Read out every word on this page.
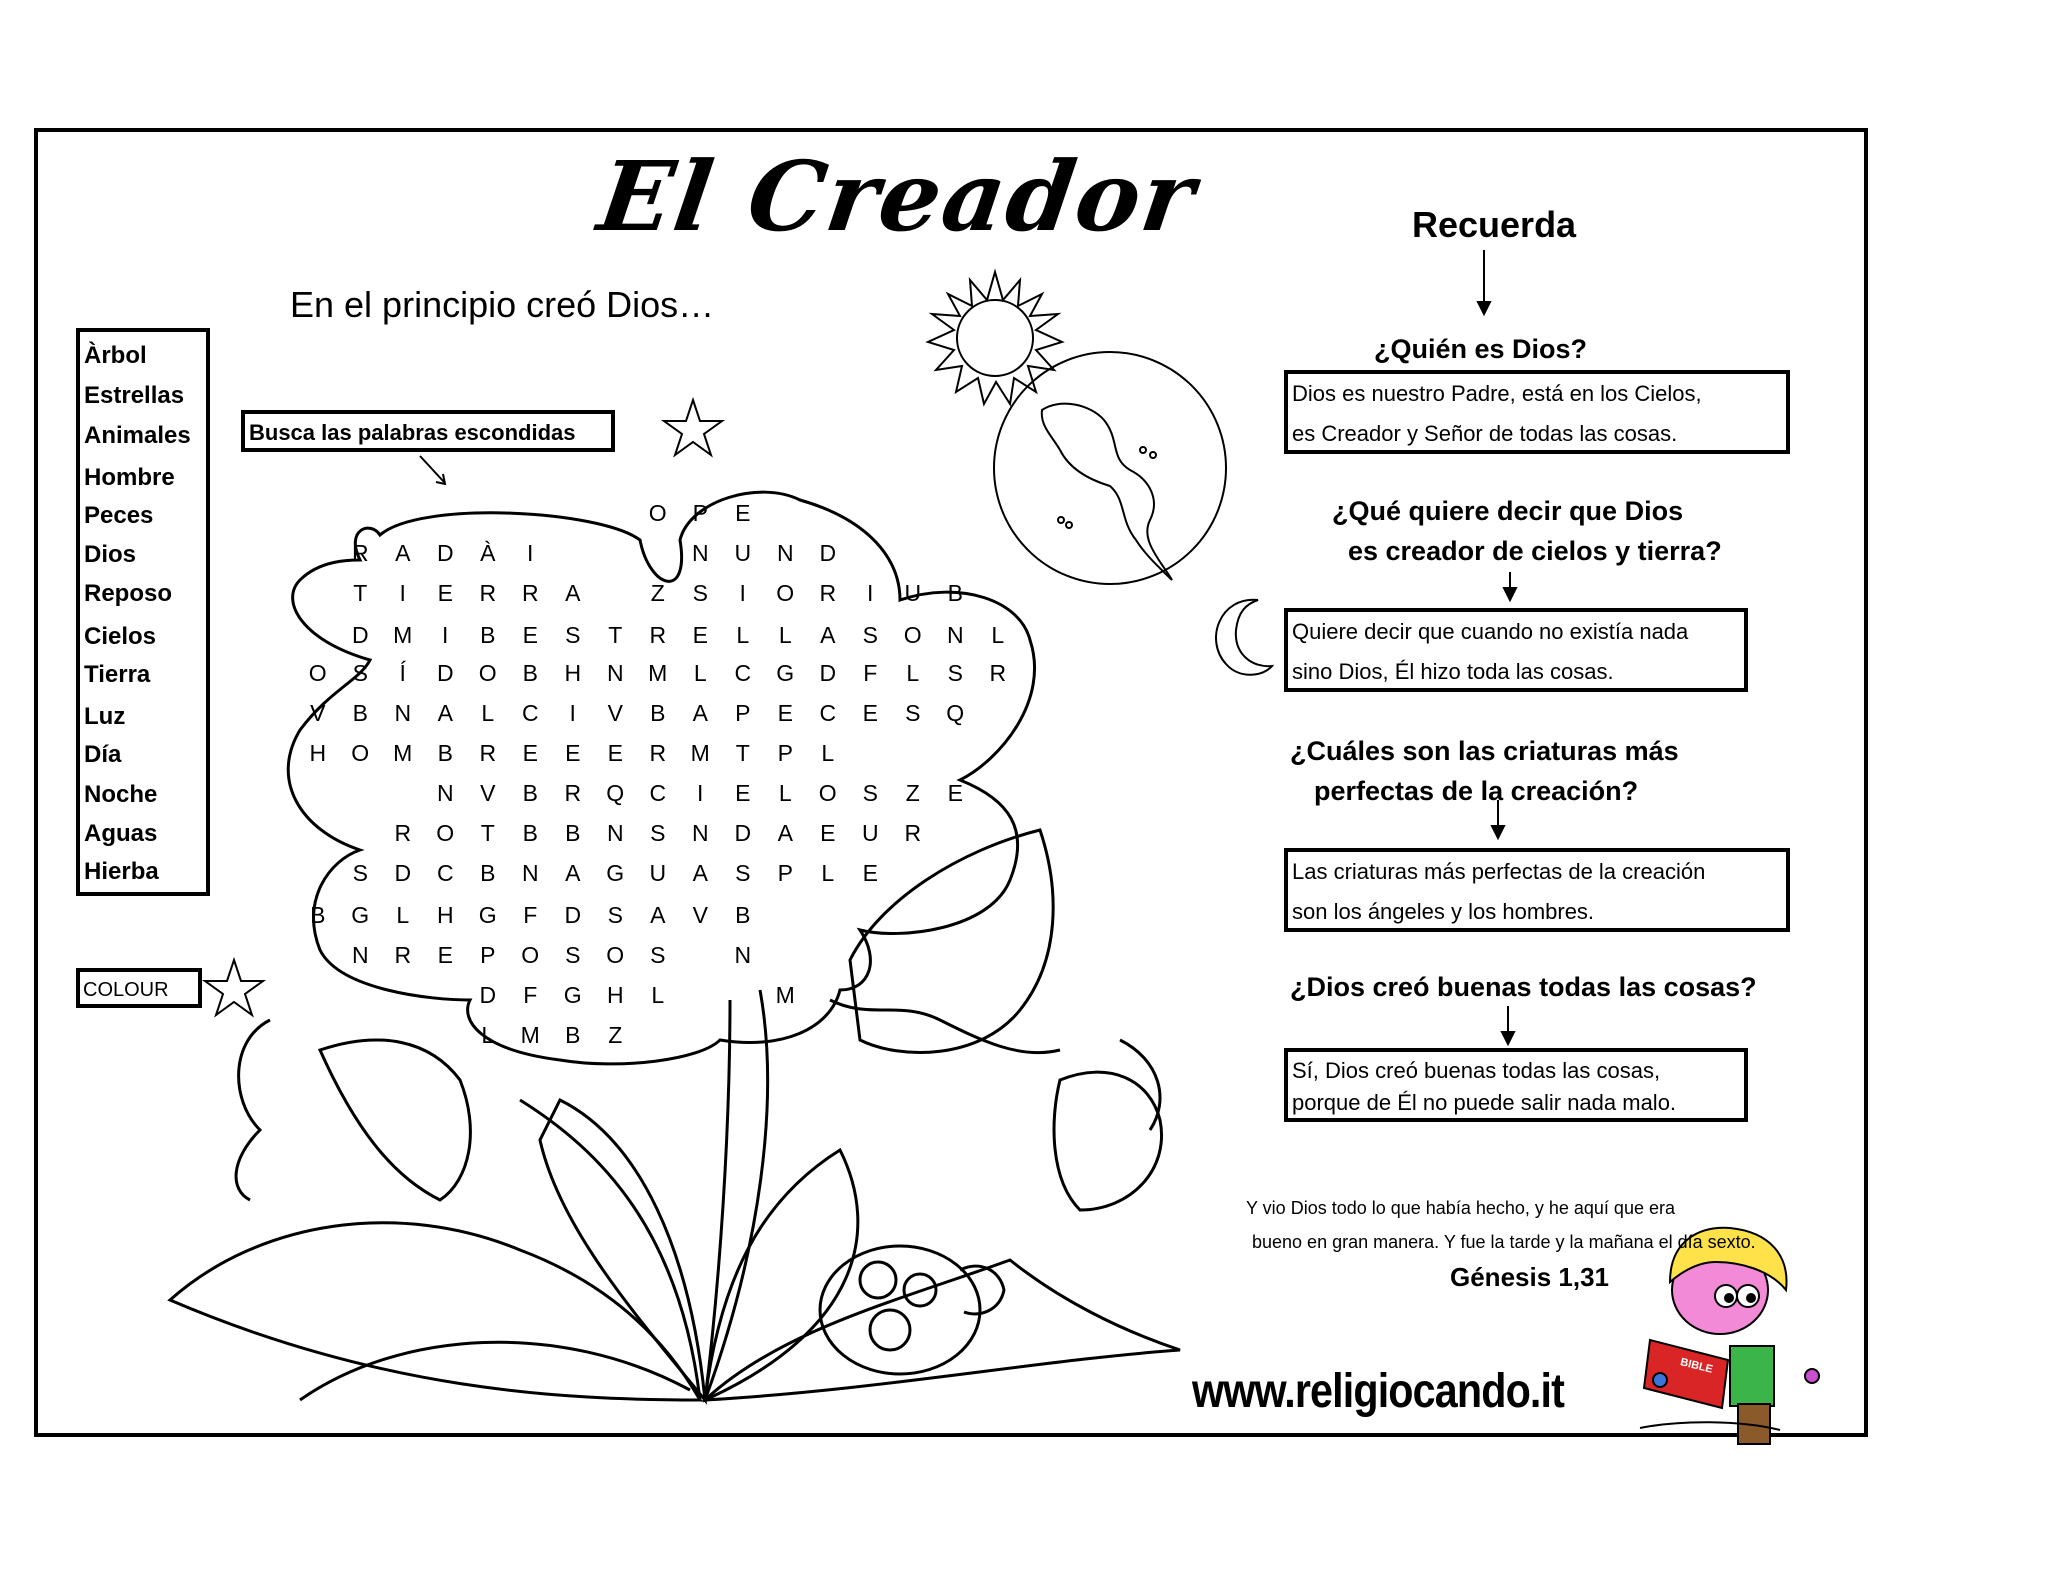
El Creador
En el principio creó Dios…
Àrbol
Estrellas
Animales
Hombre
Peces
Dios
Reposo
Cielos
Tierra
Luz
Día
Noche
Aguas
Hierba
Busca las palabras escondidas
COLOUR
O P E
R A D À I	N U N D
T I E R R A	Z S I O R I U B
D M I B E S T R E L L A S O N L
O S Í D O B H N M L C G D F L S R
V B N A L C I V B A P E C E S Q
H O M B R E E E R M T P L
N V B R Q C I E L O S Z E
R O T B B N S N D A E U R
S D C B N A G U A S P L E
B G L H G F D S A V B
N R E P O S O S	N
D F G H L	M
L M B Z
Recuerda
¿Quién es Dios?
Dios es nuestro Padre, está en los Cielos,
es Creador y Señor de todas las cosas.
¿Qué quiere decir que Dios
es creador de cielos y tierra?
Quiere decir que cuando no existía nada
sino Dios, Él hizo toda las cosas.
¿Cuáles son las criaturas más
perfectas de la creación?
Las criaturas más perfectas de la creación
son los ángeles y los hombres.
¿Dios creó buenas todas las cosas?
Sí, Dios creó buenas todas las cosas,
porque de Él no puede salir nada malo.
Y vio Dios todo lo que había hecho, y he aquí que era
bueno en gran manera. Y fue la tarde y la mañana el día sexto.
Génesis 1,31
www.religiocando.it	BIBLE
